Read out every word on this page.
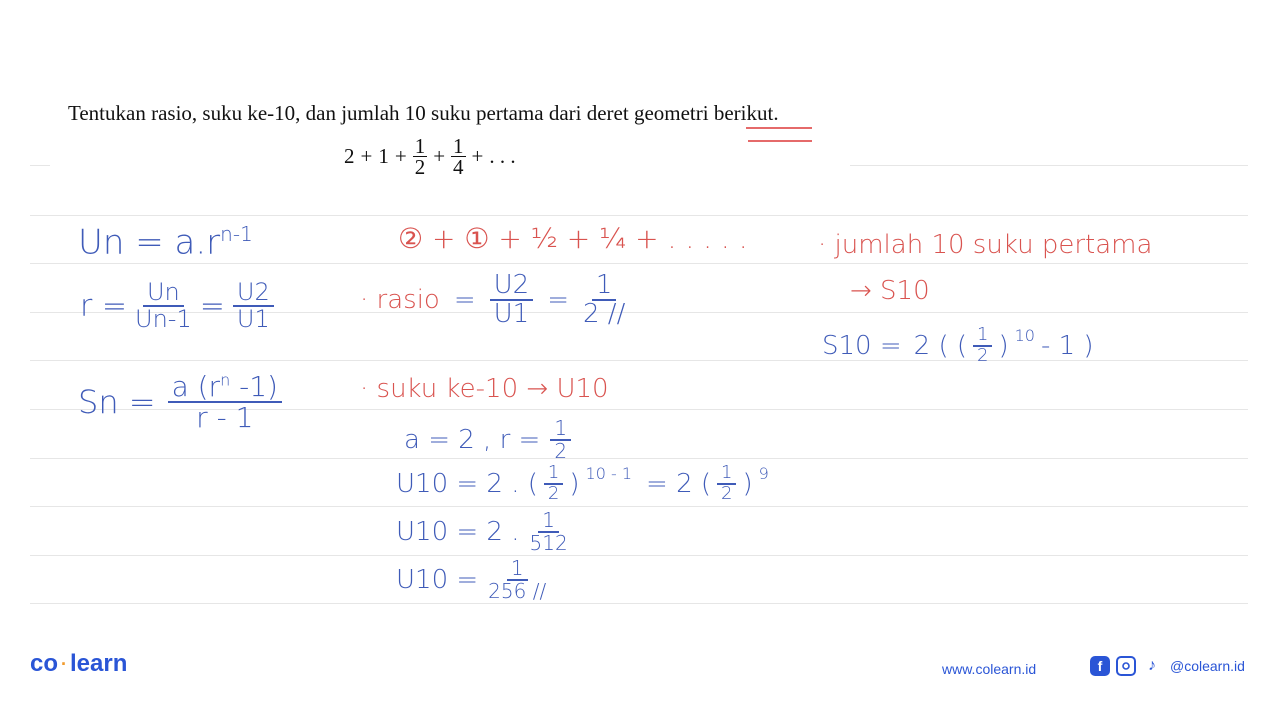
Tentukan rasio, suku ke-10, dan jumlah 10 suku pertama dari deret geometri berikut.
$2 + 1 + \frac{1}{2} + \frac{1}{4}$ + . . .
$Un = a.r^{n-1}$
$r = \frac{Un}{Un-1} = \frac{U2}{U1}$
$Sn = \frac{a (r^n -1)}{r - 1}$
② + ① + ½ + ¼ + . . . . .
· rasio = $\frac{U2}{U1} = \frac{1}{2 //}$
· suku ke-10 → U10
a = 2 , $r = \frac{1}{2}$
U10 = 2 . ( $\frac{1}{2}$ ) $^{10 - 1}$ = 2 ( $\frac{1}{2}$ ) $^9$
U10 = 2 . $\frac{1}{512}$
$U10 = \frac{1}{256 //}$
· jumlah 10 suku pertama
→ S10
S10 = 2 ( ( $\frac{1}{2}$ ) $^{10}$ - 1 )
co · learn	www.colearn.id	f	♪	@colearn.id
